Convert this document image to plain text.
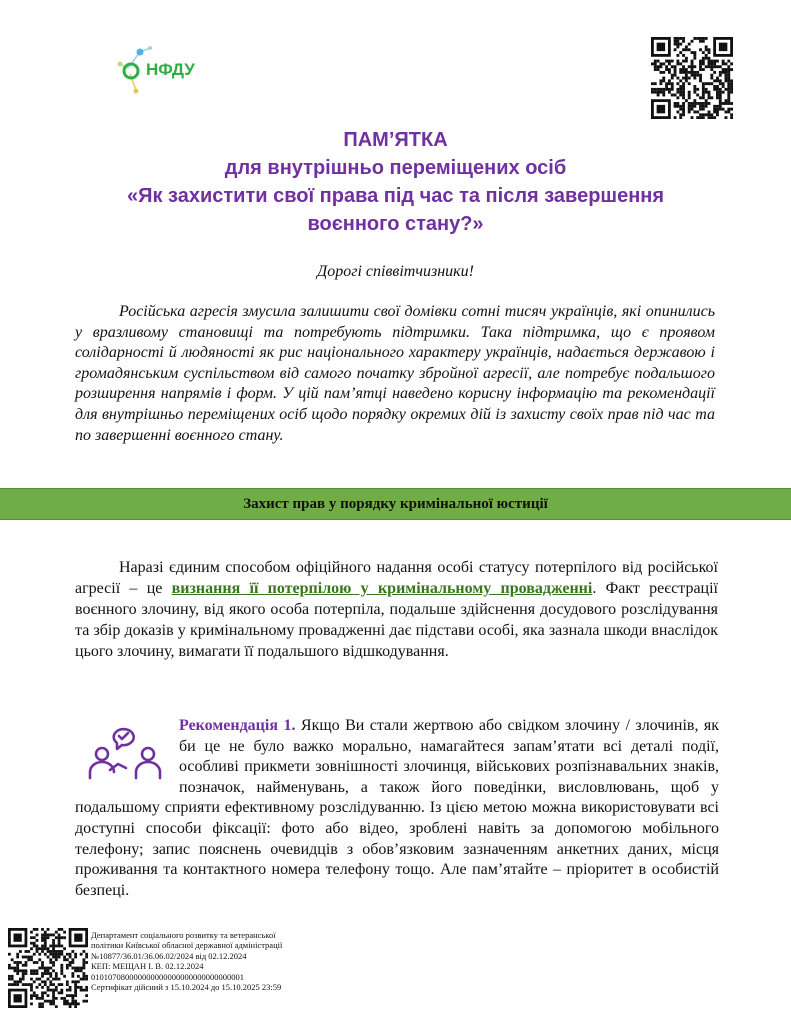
НФДУ
ПАМ’ЯТКА
для внутрішньо переміщених осіб
«Як захистити свої права під час та після завершення
воєнного стану?»
Дорогі співвітчизники!

Російська агресія змусила залишити свої домівки сотні тисяч українців, які опинились у вразливому становищі та потребують підтримки. Така підтримка, що є проявом солідарності й людяності як рис національного характеру українців, надається державою і громадянським суспільством від самого початку збройної агресії, але потребує подальшого розширення напрямів і форм. У цій пам’ятці наведено корисну інформацію та рекомендації для внутрішньо переміщених осіб щодо порядку окремих дій із захисту своїх прав під час та по завершенні воєнного стану.

Захист прав у порядку кримінальної юстиції

Наразі єдиним способом офіційного надання особі статусу потерпілого від російської агресії – це визнання її потерпілою у кримінальному провадженні. Факт реєстрації воєнного злочину, від якого особа потерпіла, подальше здійснення досудового розслідування та збір доказів у кримінальному провадженні дає підстави особі, яка зазнала шкоди внаслідок цього злочину, вимагати її подальшого відшкодування.

Рекомендація 1. Якщо Ви стали жертвою або свідком злочину / злочинів, як би це не було важко морально, намагайтеся запам’ятати всі деталі події, особливі прикмети зовнішності злочинця, військових розпізнавальних знаків, позначок, найменувань, а також його поведінки, висловлювань, щоб у подальшому сприяти ефективному розслідуванню. Із цією метою можна використовувати всі доступні способи фіксації: фото або відео, зроблені навіть за допомогою мобільного телефону; запис пояснень очевидців з обов’язковим зазначенням анкетних даних, місця проживання та контактного номера телефону тощо. Але пам’ятайте – пріоритет в особистій безпеці.

Департамент соціального розвитку та ветеранської
політики Київської обласної державної адміністрації
№10877/36.01/36.06.02/2024 від 02.12.2024
КЕП: МЕЩАН І. В. 02.12.2024
010107080000000000000000000000000001
Сертифікат дійсний з 15.10.2024 до 15.10.2025 23:59
